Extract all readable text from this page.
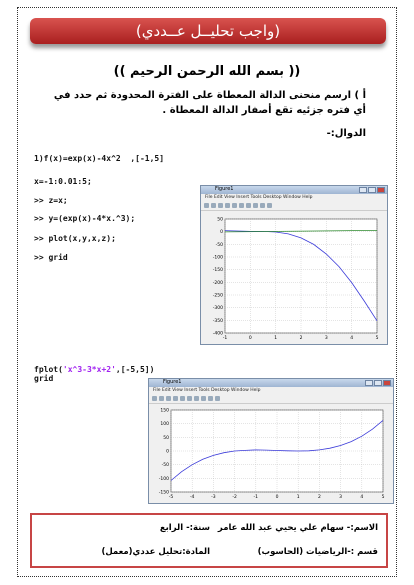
(واجب تحليــل عــددي)
(( بسم الله الرحمن الرحيم ))
أ ) ارسم منحنى الدالة المعطاة على الفترة المحدودة ثم حدد في أي فتره جزئيه تقع أصفار الدالة المعطاة .
الدوال:-
1)f(x)=exp(x)-4x^2  ,[-1,5]
x=-1:0.01:5;
>> z=x;
>> y=(exp(x)-4*x.^3);
>> plot(x,y,x,z);
>> grid
Figure1
File Edit View Insert Tools Desktop Window Help
-1	0	1	2	3	4	5
50
0
-50
-100
-150
-200
-250
-300
-350
-400
fplot('x^3-3*x+2',[-5,5])
grid	Figure1
File Edit View Insert Tools Desktop Window Help
-5	-4	-3	-2	-1	0	1	2	3	4	5
150
100
50
0
-50
-100
-150
الاسم:- سهام علي يحيي عبد الله عامر
سنة:- الرابع
قسم :-الرياضيات (الحاسوب)
المادة:تحليل عددي(معمل)
